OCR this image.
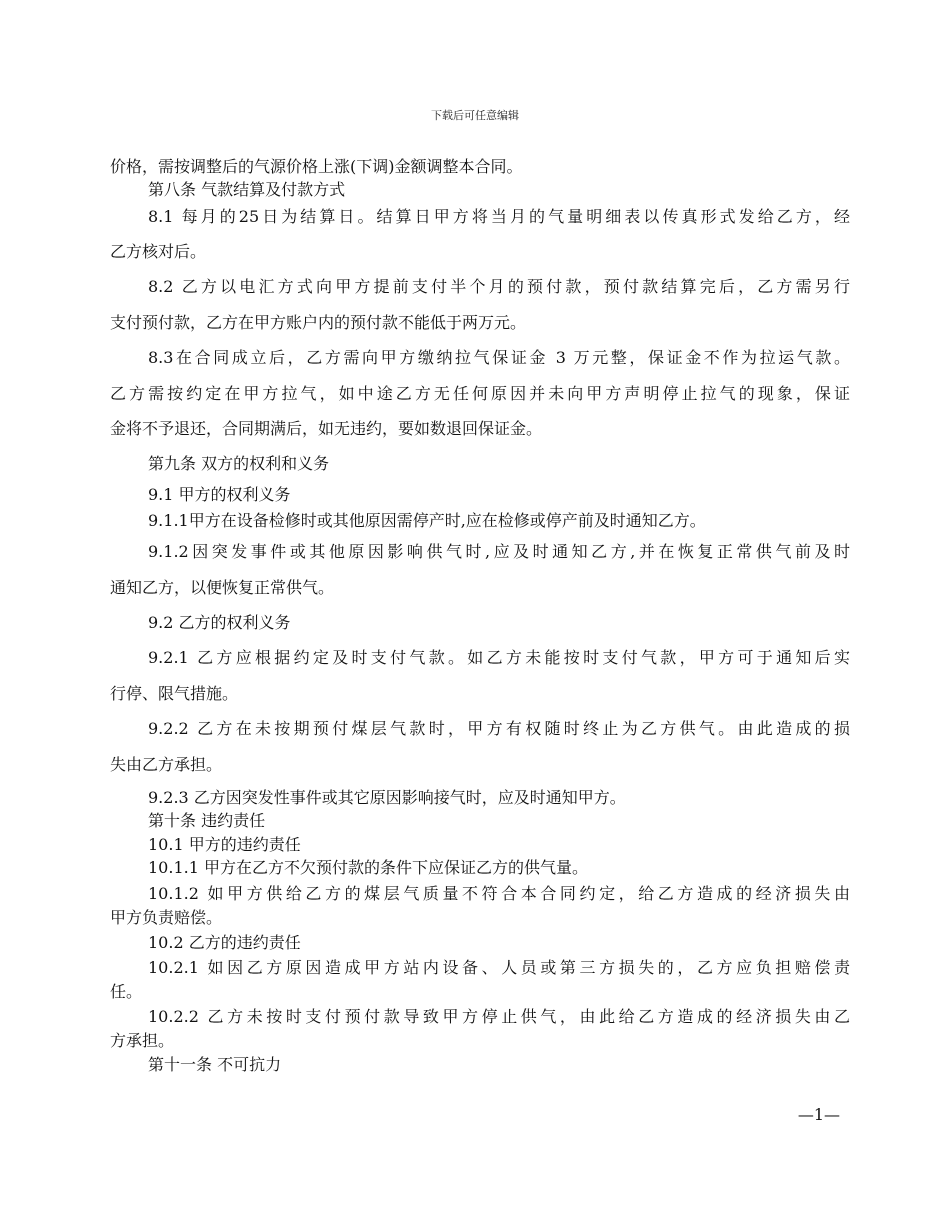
下载后可任意编辑
价格，需按调整后的气源价格上涨(下调)金额调整本合同。
第八条 气款结算及付款方式
8.1 每月的25日为结算日。结算日甲方将当月的气量明细表以传真形式发给乙方，经
乙方核对后。
8.2 乙方以电汇方式向甲方提前支付半个月的预付款，预付款结算完后，乙方需另行
支付预付款，乙方在甲方账户内的预付款不能低于两万元。
8.3在合同成立后，乙方需向甲方缴纳拉气保证金 3 万元整，保证金不作为拉运气款。
乙方需按约定在甲方拉气，如中途乙方无任何原因并未向甲方声明停止拉气的现象，保证
金将不予退还，合同期满后，如无违约，要如数退回保证金。
第九条 双方的权利和义务
9.1 甲方的权利义务
9.1.1甲方在设备检修时或其他原因需停产时,应在检修或停产前及时通知乙方。
9.1.2因突发事件或其他原因影响供气时,应及时通知乙方,并在恢复正常供气前及时
通知乙方，以便恢复正常供气。
9.2 乙方的权利义务
9.2.1 乙方应根据约定及时支付气款。如乙方未能按时支付气款，甲方可于通知后实
行停、限气措施。
9.2.2 乙方在未按期预付煤层气款时，甲方有权随时终止为乙方供气。由此造成的损
失由乙方承担。
9.2.3 乙方因突发性事件或其它原因影响接气时，应及时通知甲方。
第十条 违约责任
10.1 甲方的违约责任
10.1.1 甲方在乙方不欠预付款的条件下应保证乙方的供气量。
10.1.2 如甲方供给乙方的煤层气质量不符合本合同约定，给乙方造成的经济损失由
甲方负责赔偿。
10.2 乙方的违约责任
10.2.1 如因乙方原因造成甲方站内设备、人员或第三方损失的，乙方应负担赔偿责
任。
10.2.2 乙方未按时支付预付款导致甲方停止供气，由此给乙方造成的经济损失由乙
方承担。
第十一条 不可抗力
—1—
